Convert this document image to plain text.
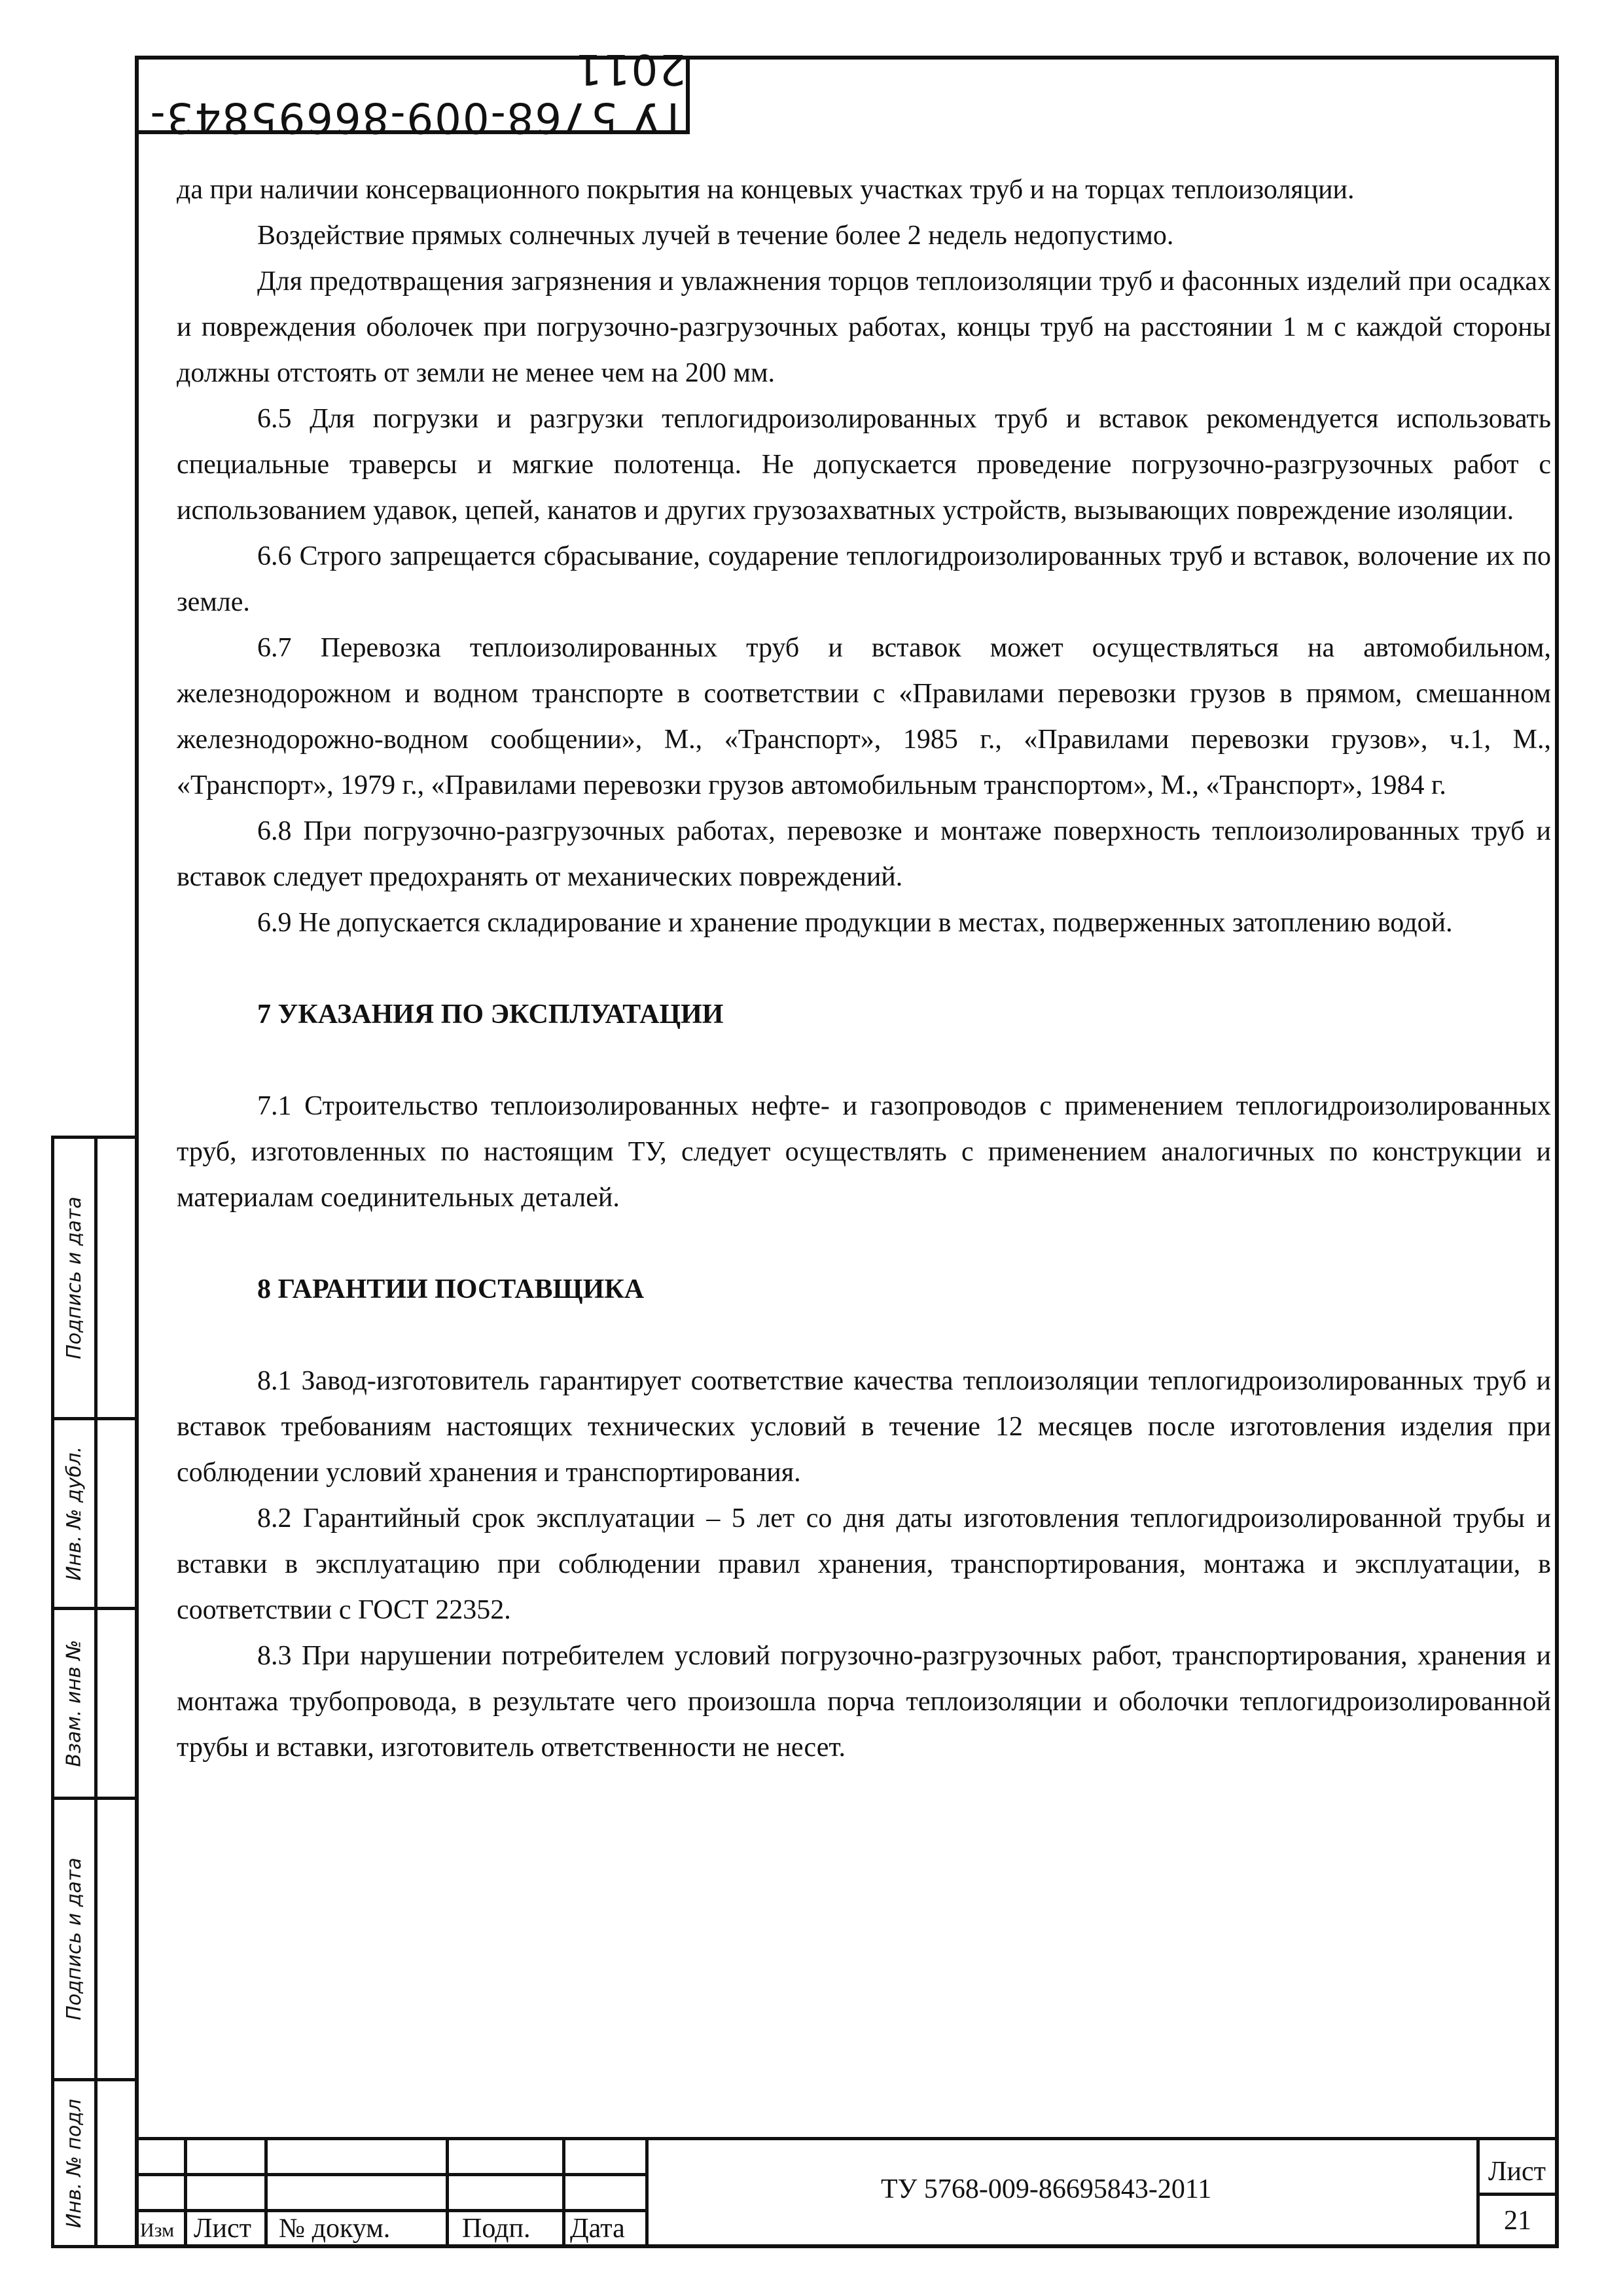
ТУ 5768-009-86695843-2011

да при наличии консервационного покрытия на концевых участках труб и на торцах теплоизоляции.

Воздействие прямых солнечных лучей в течение более 2 недель недопустимо.

Для предотвращения загрязнения и увлажнения торцов теплоизоляции труб и фасонных изделий при осадках и повреждения оболочек при погрузочно-разгрузочных работах, концы труб на расстоянии 1 м с каждой стороны должны отстоять от земли не менее чем на 200 мм.

6.5 Для погрузки и разгрузки теплогидроизолированных труб и вставок рекомендуется использовать специальные траверсы и мягкие полотенца. Не допускается проведение погрузочно-разгрузочных работ с использованием удавок, цепей, канатов и других грузозахватных устройств, вызывающих повреждение изоляции.

6.6 Строго запрещается сбрасывание, соударение теплогидроизолированных труб и вставок, волочение их по земле.

6.7 Перевозка теплоизолированных труб и вставок может осуществляться на автомобильном, железнодорожном и водном транспорте в соответствии с «Правилами перевозки грузов в прямом, смешанном железнодорожно-водном сообщении», М., «Транспорт», 1985 г., «Правилами перевозки грузов», ч.1, М., «Транспорт», 1979 г., «Правилами перевозки грузов автомобильным транспортом», М., «Транспорт», 1984 г.

6.8 При погрузочно-разгрузочных работах, перевозке и монтаже поверхность теплоизолированных труб и вставок следует предохранять от механических повреждений.

6.9 Не допускается складирование и хранение продукции в местах, подверженных затоплению водой.

7 УКАЗАНИЯ ПО ЭКСПЛУАТАЦИИ

7.1 Строительство теплоизолированных нефте- и газопроводов с применением теплогидроизолированных труб, изготовленных по настоящим ТУ, следует осуществлять с применением аналогичных по конструкции и материалам соединительных деталей.

8 ГАРАНТИИ ПОСТАВЩИКА

8.1 Завод-изготовитель гарантирует соответствие качества теплоизоляции теплогидроизолированных труб и вставок требованиям настоящих технических условий в течение 12 месяцев после изготовления изделия при соблюдении условий хранения и транспортирования.

8.2 Гарантийный срок эксплуатации – 5 лет со дня даты изготовления теплогидроизолированной трубы и вставки в эксплуатацию при соблюдении правил хранения, транспортирования, монтажа и эксплуатации, в соответствии с ГОСТ 22352.

8.3 При нарушении потребителем условий погрузочно-разгрузочных работ, транспортирования, хранения и монтажа трубопровода, в результате чего произошла порча теплоизоляции и оболочки теплогидроизолированной трубы и вставки, изготовитель ответственности не несет.

Подпись и дата
Инв. № дубл.
Взам. инв №
Подпись и дата
Инв. № подл
Изм Лист № докум.	Подп. Дата
ТУ 5768-009-86695843-2011
Лист
21
